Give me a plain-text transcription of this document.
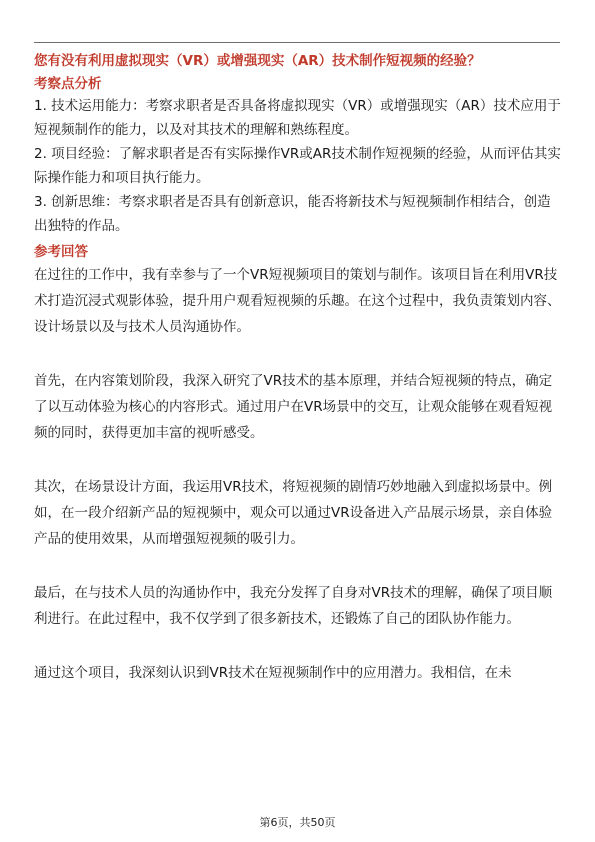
您有没有利用虚拟现实（VR）或增强现实（AR）技术制作短视频的经验？

考察点分析

1. 技术运用能力：考察求职者是否具备将虚拟现实（VR）或增强现实（AR）技术应用于短视频制作的能力，以及对其技术的理解和熟练程度。

2. 项目经验：了解求职者是否有实际操作VR或AR技术制作短视频的经验，从而评估其实际操作能力和项目执行能力。

3. 创新思维：考察求职者是否具有创新意识，能否将新技术与短视频制作相结合，创造出独特的作品。

参考回答

在过往的工作中，我有幸参与了一个VR短视频项目的策划与制作。该项目旨在利用VR技术打造沉浸式观影体验，提升用户观看短视频的乐趣。在这个过程中，我负责策划内容、设计场景以及与技术人员沟通协作。

首先，在内容策划阶段，我深入研究了VR技术的基本原理，并结合短视频的特点，确定了以互动体验为核心的内容形式。通过用户在VR场景中的交互，让观众能够在观看短视频的同时，获得更加丰富的视听感受。

其次，在场景设计方面，我运用VR技术，将短视频的剧情巧妙地融入到虚拟场景中。例如，在一段介绍新产品的短视频中，观众可以通过VR设备进入产品展示场景，亲自体验产品的使用效果，从而增强短视频的吸引力。

最后，在与技术人员的沟通协作中，我充分发挥了自身对VR技术的理解，确保了项目顺利进行。在此过程中，我不仅学到了很多新技术，还锻炼了自己的团队协作能力。

通过这个项目，我深刻认识到VR技术在短视频制作中的应用潜力。我相信，在未

第6页，共50页
